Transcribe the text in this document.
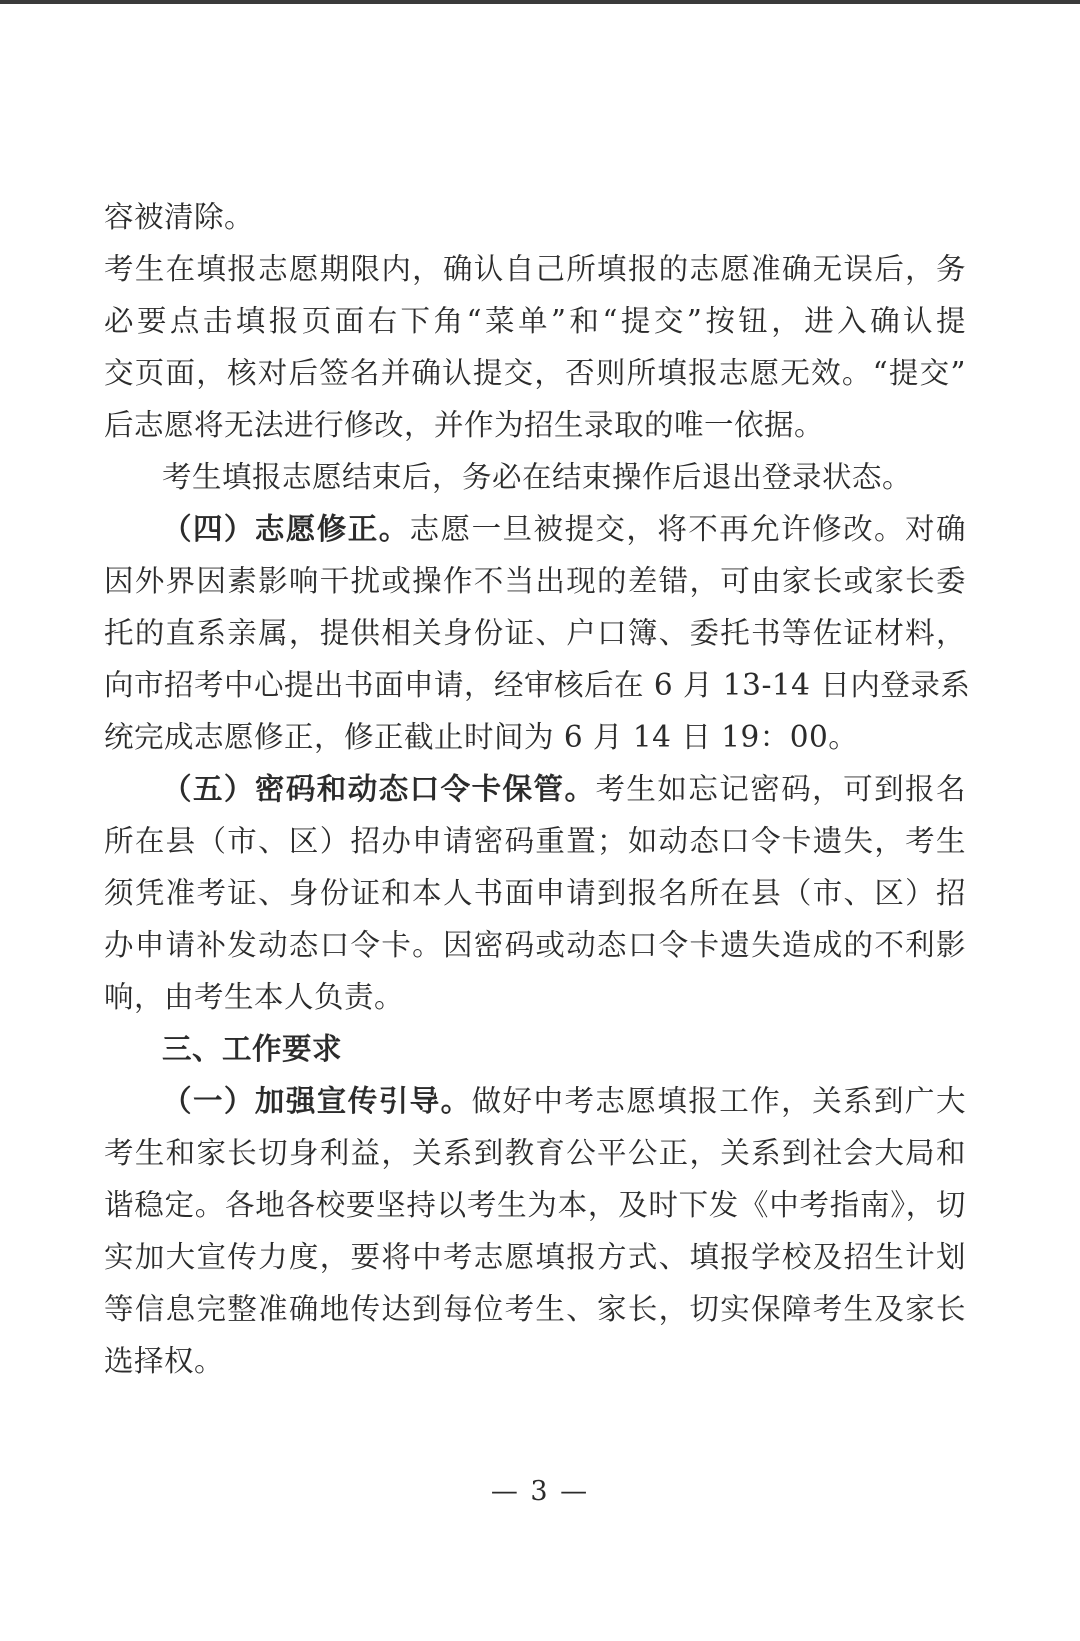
容被清除。
考生在填报志愿期限内，确认自己所填报的志愿准确无误后，务
必要点击填报页面右下角“菜单”和“提交”按钮，进入确认提
交页面，核对后签名并确认提交，否则所填报志愿无效。“提交”
后志愿将无法进行修改，并作为招生录取的唯一依据。
考生填报志愿结束后，务必在结束操作后退出登录状态。
（四）志愿修正。志愿一旦被提交，将不再允许修改。对确
因外界因素影响干扰或操作不当出现的差错，可由家长或家长委
托的直系亲属，提供相关身份证、户口簿、委托书等佐证材料，
向市招考中心提出书面申请，经审核后在 6 月 13-14 日内登录系
统完成志愿修正，修正截止时间为 6 月 14 日 19：00。
（五）密码和动态口令卡保管。考生如忘记密码，可到报名
所在县（市、区）招办申请密码重置；如动态口令卡遗失，考生
须凭准考证、身份证和本人书面申请到报名所在县（市、区）招
办申请补发动态口令卡。因密码或动态口令卡遗失造成的不利影
响，由考生本人负责。
三、工作要求
（一）加强宣传引导。做好中考志愿填报工作，关系到广大
考生和家长切身利益，关系到教育公平公正，关系到社会大局和
谐稳定。各地各校要坚持以考生为本，及时下发《中考指南》，切
实加大宣传力度，要将中考志愿填报方式、填报学校及招生计划
等信息完整准确地传达到每位考生、家长，切实保障考生及家长
选择权。
— 3 —
